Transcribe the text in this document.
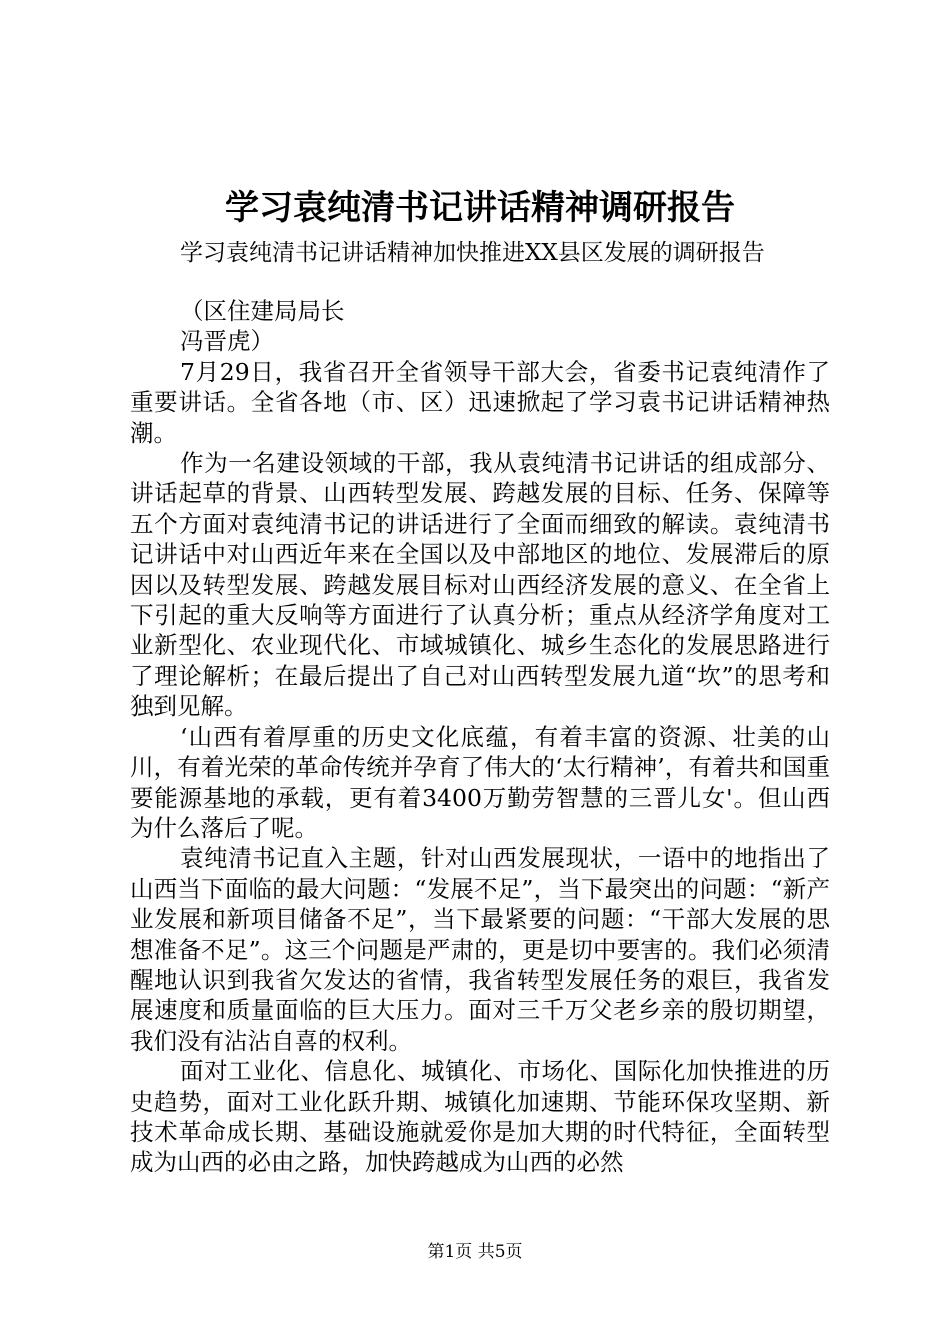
学习袁纯清书记讲话精神调研报告
学习袁纯清书记讲话精神加快推进XX县区发展的调研报告

（区住建局局长

冯晋虎）

7月29日，我省召开全省领导干部大会，省委书记袁纯清作了重要讲话。全省各地（市、区）迅速掀起了学习袁书记讲话精神热潮。

作为一名建设领域的干部，我从袁纯清书记讲话的组成部分、讲话起草的背景、山西转型发展、跨越发展的目标、任务、保障等五个方面对袁纯清书记的讲话进行了全面而细致的解读。袁纯清书记讲话中对山西近年来在全国以及中部地区的地位、发展滞后的原因以及转型发展、跨越发展目标对山西经济发展的意义、在全省上下引起的重大反响等方面进行了认真分析；重点从经济学角度对工业新型化、农业现代化、市域城镇化、城乡生态化的发展思路进行了理论解析；在最后提出了自己对山西转型发展九道“坎”的思考和独到见解。

‘山西有着厚重的历史文化底蕴，有着丰富的资源、壮美的山川，有着光荣的革命传统并孕育了伟大的‘太行精神’，有着共和国重要能源基地的承载，更有着3400万勤劳智慧的三晋儿女'。但山西为什么落后了呢。

袁纯清书记直入主题，针对山西发展现状，一语中的地指出了山西当下面临的最大问题：“发展不足”，当下最突出的问题：“新产业发展和新项目储备不足”，当下最紧要的问题：“干部大发展的思想准备不足”。这三个问题是严肃的，更是切中要害的。我们必须清醒地认识到我省欠发达的省情，我省转型发展任务的艰巨，我省发展速度和质量面临的巨大压力。面对三千万父老乡亲的殷切期望，我们没有沾沾自喜的权利。

面对工业化、信息化、城镇化、市场化、国际化加快推进的历史趋势，面对工业化跃升期、城镇化加速期、节能环保攻坚期、新技术革命成长期、基础设施就爱你是加大期的时代特征，全面转型成为山西的必由之路，加快跨越成为山西的必然

第1页 共5页
